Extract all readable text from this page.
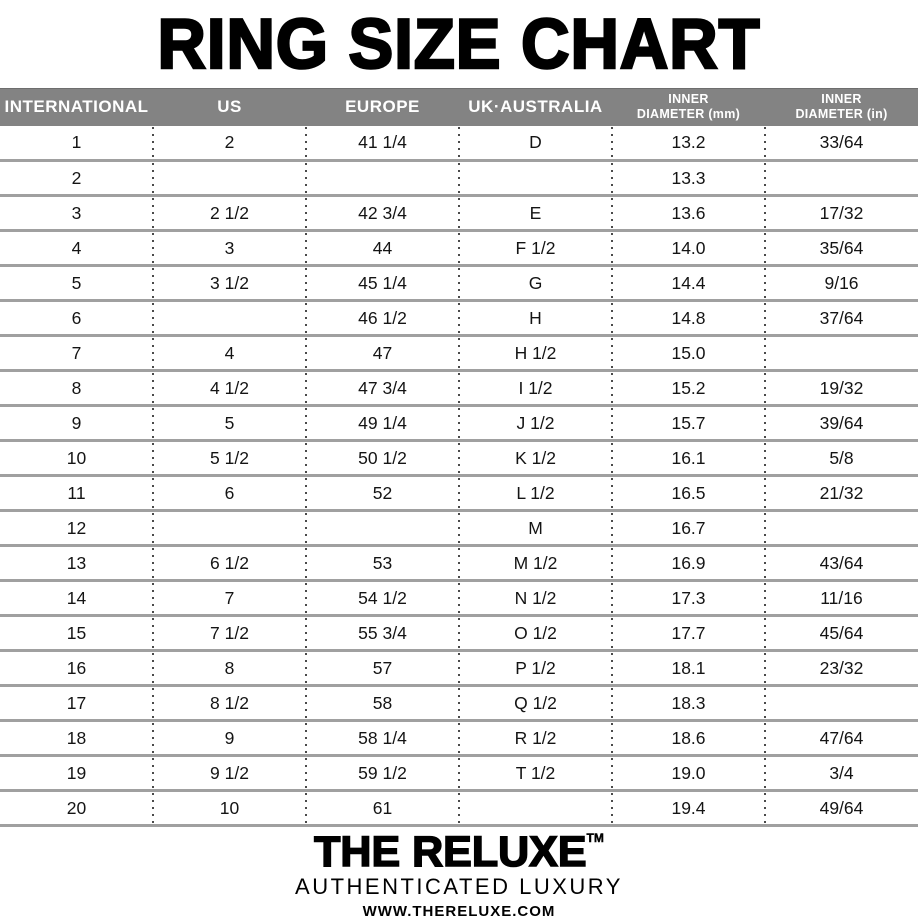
RING SIZE CHART
INTERNATIONAL	US	EUROPE	UK·AUSTRALIA	INNER
DIAMETER (mm)

INNER
DIAMETER (in)

1	2	41 1/4	D	13.2	33/64
2				13.3	
3	2 1/2	42 3/4	E	13.6	17/32
4	3	44	F 1/2	14.0	35/64
5	3 1/2	45 1/4	G	14.4	9/16
6		46 1/2	H	14.8	37/64
7	4	47	H 1/2	15.0	
8	4 1/2	47 3/4	I 1/2	15.2	19/32
9	5	49 1/4	J 1/2	15.7	39/64
10	5 1/2	50 1/2	K 1/2	16.1	5/8
11	6	52	L 1/2	16.5	21/32
12			M	16.7	
13	6 1/2	53	M 1/2	16.9	43/64
14	7	54 1/2	N 1/2	17.3	11/16
15	7 1/2	55 3/4	O 1/2	17.7	45/64
16	8	57	P 1/2	18.1	23/32
17	8 1/2	58	Q 1/2	18.3	
18	9	58 1/4	R 1/2	18.6	47/64
19	9 1/2	59 1/2	T 1/2	19.0	3/4
20	10	61		19.4	49/64
THE RELUXE™
AUTHENTICATED LUXURY
WWW.THERELUXE.COM
